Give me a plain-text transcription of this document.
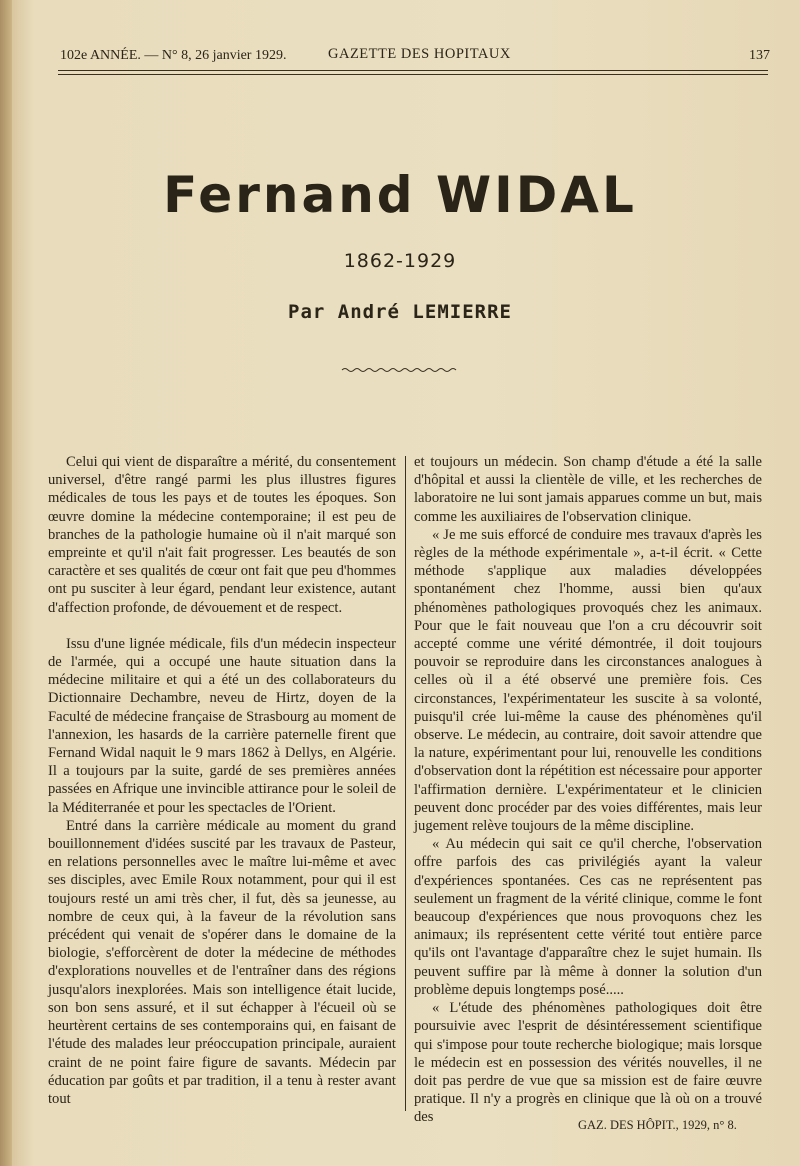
102e ANNÉE. — N° 8, 26 janvier 1929.	GAZETTE DES HOPITAUX	137
Fernand WIDAL
1862-1929
Par André LEMIERRE

Celui qui vient de disparaître a mérité, du consentement universel, d'être rangé parmi les plus illustres figures médicales de tous les pays et de toutes les époques. Son œuvre domine la médecine contemporaine; il est peu de branches de la pathologie humaine où il n'ait marqué son empreinte et qu'il n'ait fait progresser. Les beautés de son caractère et ses qualités de cœur ont fait que peu d'hommes ont pu susciter à leur égard, pendant leur existence, autant d'affection profonde, de dévouement et de respect.

Issu d'une lignée médicale, fils d'un médecin inspecteur de l'armée, qui a occupé une haute situation dans la médecine militaire et qui a été un des collaborateurs du Dictionnaire Dechambre, neveu de Hirtz, doyen de la Faculté de médecine française de Strasbourg au moment de l'annexion, les hasards de la carrière paternelle firent que Fernand Widal naquit le 9 mars 1862 à Dellys, en Algérie. Il a toujours par la suite, gardé de ses premières années passées en Afrique une invincible attirance pour le soleil de la Méditerranée et pour les spectacles de l'Orient.

Entré dans la carrière médicale au moment du grand bouillonnement d'idées suscité par les travaux de Pasteur, en relations personnelles avec le maître lui-même et avec ses disciples, avec Emile Roux notamment, pour qui il est toujours resté un ami très cher, il fut, dès sa jeunesse, au nombre de ceux qui, à la faveur de la révolution sans précédent qui venait de s'opérer dans le domaine de la biologie, s'efforcèrent de doter la médecine de méthodes d'explorations nouvelles et de l'entraîner dans des régions jusqu'alors inexplorées. Mais son intelligence était lucide, son bon sens assuré, et il sut échapper à l'écueil où se heurtèrent certains de ses contemporains qui, en faisant de l'étude des malades leur préoccupation principale, auraient craint de ne point faire figure de savants. Médecin par éducation par goûts et par tradition, il a tenu à rester avant tout

et toujours un médecin. Son champ d'étude a été la salle d'hôpital et aussi la clientèle de ville, et les recherches de laboratoire ne lui sont jamais apparues comme un but, mais comme les auxiliaires de l'observation clinique.

« Je me suis efforcé de conduire mes travaux d'après les règles de la méthode expérimentale », a-t-il écrit. « Cette méthode s'applique aux maladies développées spontanément chez l'homme, aussi bien qu'aux phénomènes pathologiques provoqués chez les animaux. Pour que le fait nouveau que l'on a cru découvrir soit accepté comme une vérité démontrée, il doit toujours pouvoir se reproduire dans les circonstances analogues à celles où il a été observé une première fois. Ces circonstances, l'expérimentateur les suscite à sa volonté, puisqu'il crée lui-même la cause des phénomènes qu'il observe. Le médecin, au contraire, doit savoir attendre que la nature, expérimentant pour lui, renouvelle les conditions d'observation dont la répétition est nécessaire pour apporter l'affirmation dernière. L'expérimentateur et le clinicien peuvent donc procéder par des voies différentes, mais leur jugement relève toujours de la même discipline.

« Au médecin qui sait ce qu'il cherche, l'observation offre parfois des cas privilégiés ayant la valeur d'expériences spontanées. Ces cas ne représentent pas seulement un fragment de la vérité clinique, comme le font beaucoup d'expériences que nous provoquons chez les animaux; ils représentent cette vérité tout entière parce qu'ils ont l'avantage d'apparaître chez le sujet humain. Ils peuvent suffire par là même à donner la solution d'un problème depuis longtemps posé.....

« L'étude des phénomènes pathologiques doit être poursuivie avec l'esprit de désintéressement scientifique qui s'impose pour toute recherche biologique; mais lorsque le médecin est en possession des vérités nouvelles, il ne doit pas perdre de vue que sa mission est de faire œuvre pratique. Il n'y a progrès en clinique que là où on a trouvé des	GAZ. DES HÔPIT., 1929, n° 8.
